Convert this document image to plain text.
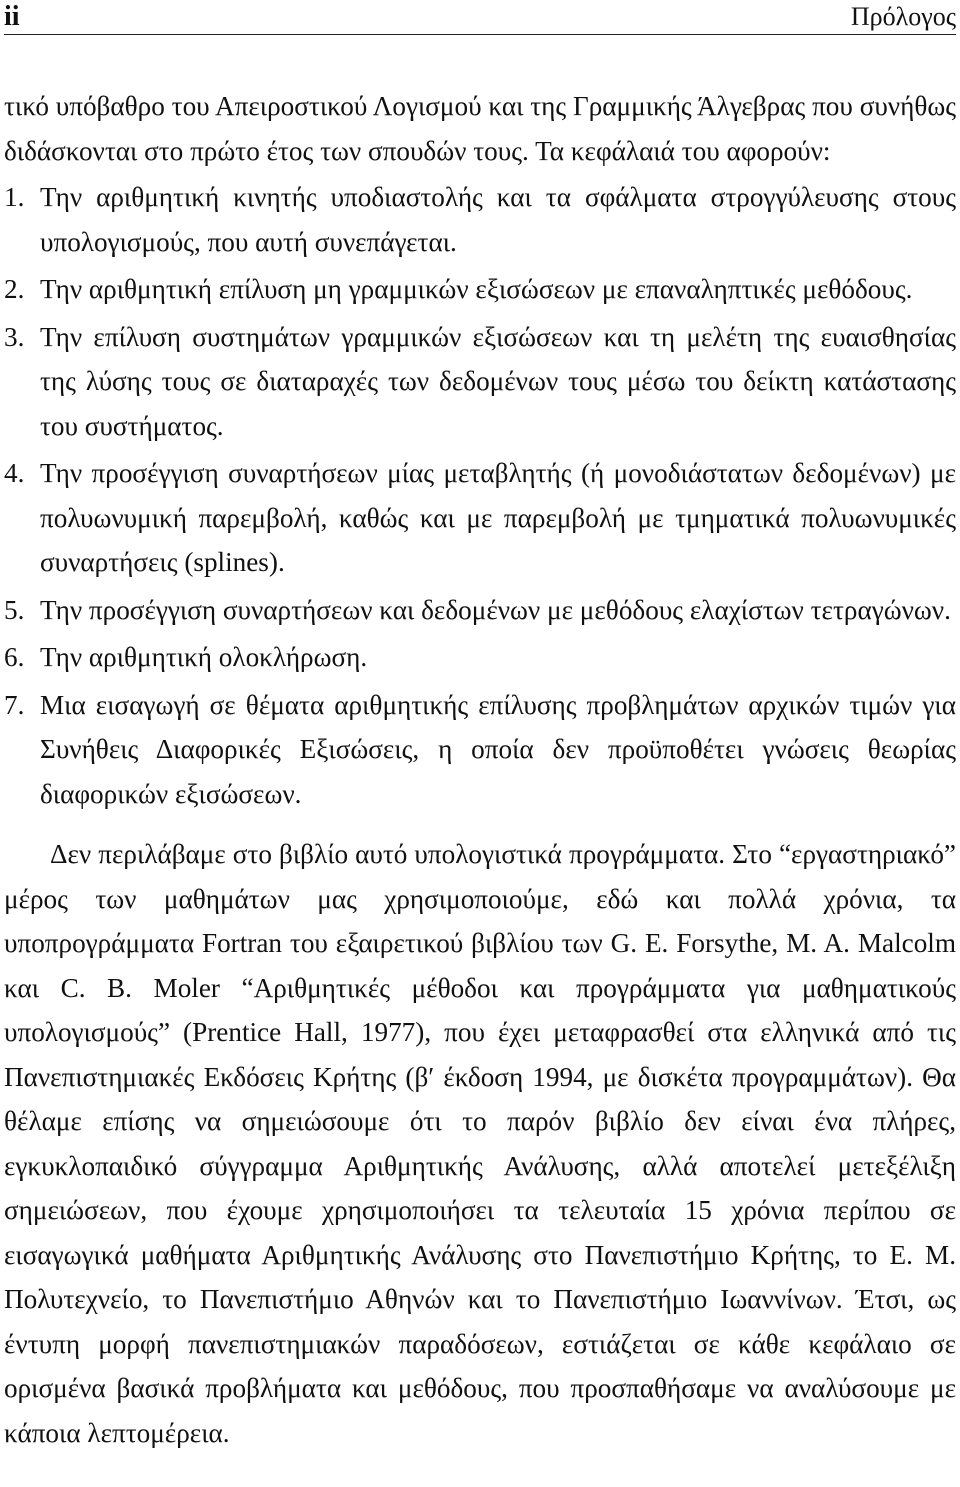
ii	Πρόλογος

τικό υπόβαθρο του Απειροστικού Λογισμού και της Γραμμικής Άλγεβρας που συνήθως διδάσκονται στο πρώτο έτος των σπουδών τους. Τα κεφάλαιά του αφορούν:

1. Την αριθμητική κινητής υποδιαστολής και τα σφάλματα στρογγύλευσης στους υπολογισμούς, που αυτή συνεπάγεται.
2. Την αριθμητική επίλυση μη γραμμικών εξισώσεων με επαναληπτικές μεθόδους.
3. Την επίλυση συστημάτων γραμμικών εξισώσεων και τη μελέτη της ευαισθησίας της λύσης τους σε διαταραχές των δεδομένων τους μέσω του δείκτη κατάστασης του συστήματος.
4. Την προσέγγιση συναρτήσεων μίας μεταβλητής (ή μονοδιάστατων δεδομένων) με πολυωνυμική παρεμβολή, καθώς και με παρεμβολή με τμηματικά πολυωνυμικές συναρτήσεις (splines).
5. Την προσέγγιση συναρτήσεων και δεδομένων με μεθόδους ελαχίστων τετραγώνων.
6. Την αριθμητική ολοκλήρωση.
7. Μια εισαγωγή σε θέματα αριθμητικής επίλυσης προβλημάτων αρχικών τιμών για Συνήθεις Διαφορικές Εξισώσεις, η οποία δεν προϋποθέτει γνώσεις θεωρίας διαφορικών εξισώσεων.

Δεν περιλάβαμε στο βιβλίο αυτό υπολογιστικά προγράμματα. Στο “εργαστηριακό” μέρος των μαθημάτων μας χρησιμοποιούμε, εδώ και πολλά χρόνια, τα υποπρογράμματα Fortran του εξαιρετικού βιβλίου των G. E. Forsythe, M. A. Malcolm και C. B. Moler “Αριθμητικές μέθοδοι και προγράμματα για μαθηματικούς υπολογισμούς” (Prentice Hall, 1977), που έχει μεταφρασθεί στα ελληνικά από τις Πανεπιστημιακές Εκδόσεις Κρήτης (β′ έκδοση 1994, με δισκέτα προγραμμάτων). Θα θέλαμε επίσης να σημειώσουμε ότι το παρόν βιβλίο δεν είναι ένα πλήρες, εγκυκλοπαιδικό σύγγραμμα Αριθμητικής Ανάλυσης, αλλά αποτελεί μετεξέλιξη σημειώσεων, που έχουμε χρησιμοποιήσει τα τελευταία 15 χρόνια περίπου σε εισαγωγικά μαθήματα Αριθμητικής Ανάλυσης στο Πανεπιστήμιο Κρήτης, το Ε. Μ. Πολυτεχνείο, το Πανεπιστήμιο Αθηνών και το Πανεπιστήμιο Ιωαννίνων. Έτσι, ως έντυπη μορφή πανεπιστημιακών παραδόσεων, εστιάζεται σε κάθε κεφάλαιο σε ορισμένα βασικά προβλήματα και μεθόδους, που προσπαθήσαμε να αναλύσουμε με κάποια λεπτομέρεια.
